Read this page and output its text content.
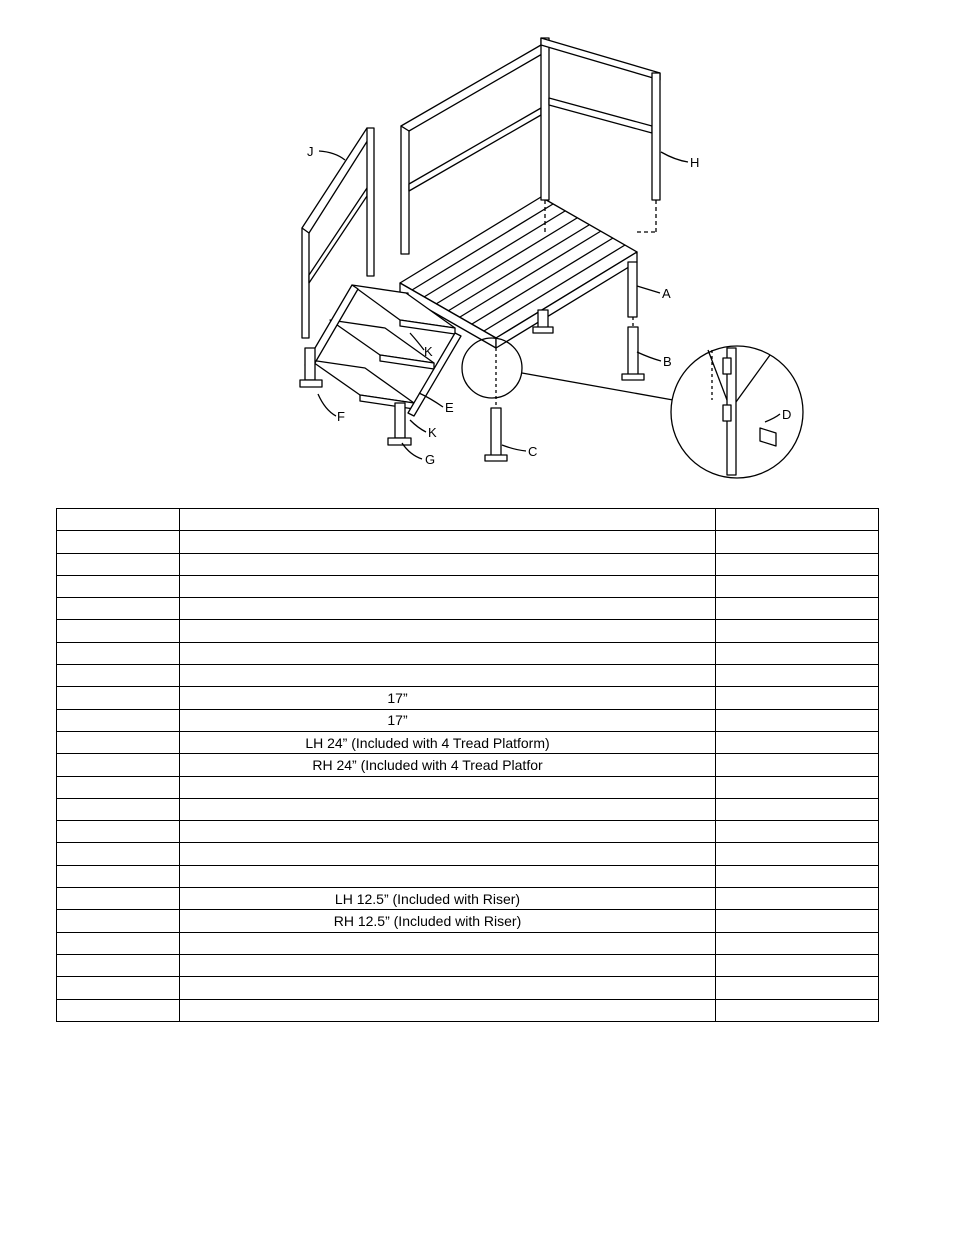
J
H
A
B
D
C
E
K
K
F
G

	17”	
	17”	
	LH 24” (Included with 4 Tread Platform)	
	RH 24” (Included with 4 Tread Platfor	

	LH 12.5” (Included with Riser)	
	RH 12.5” (Included with Riser)	
